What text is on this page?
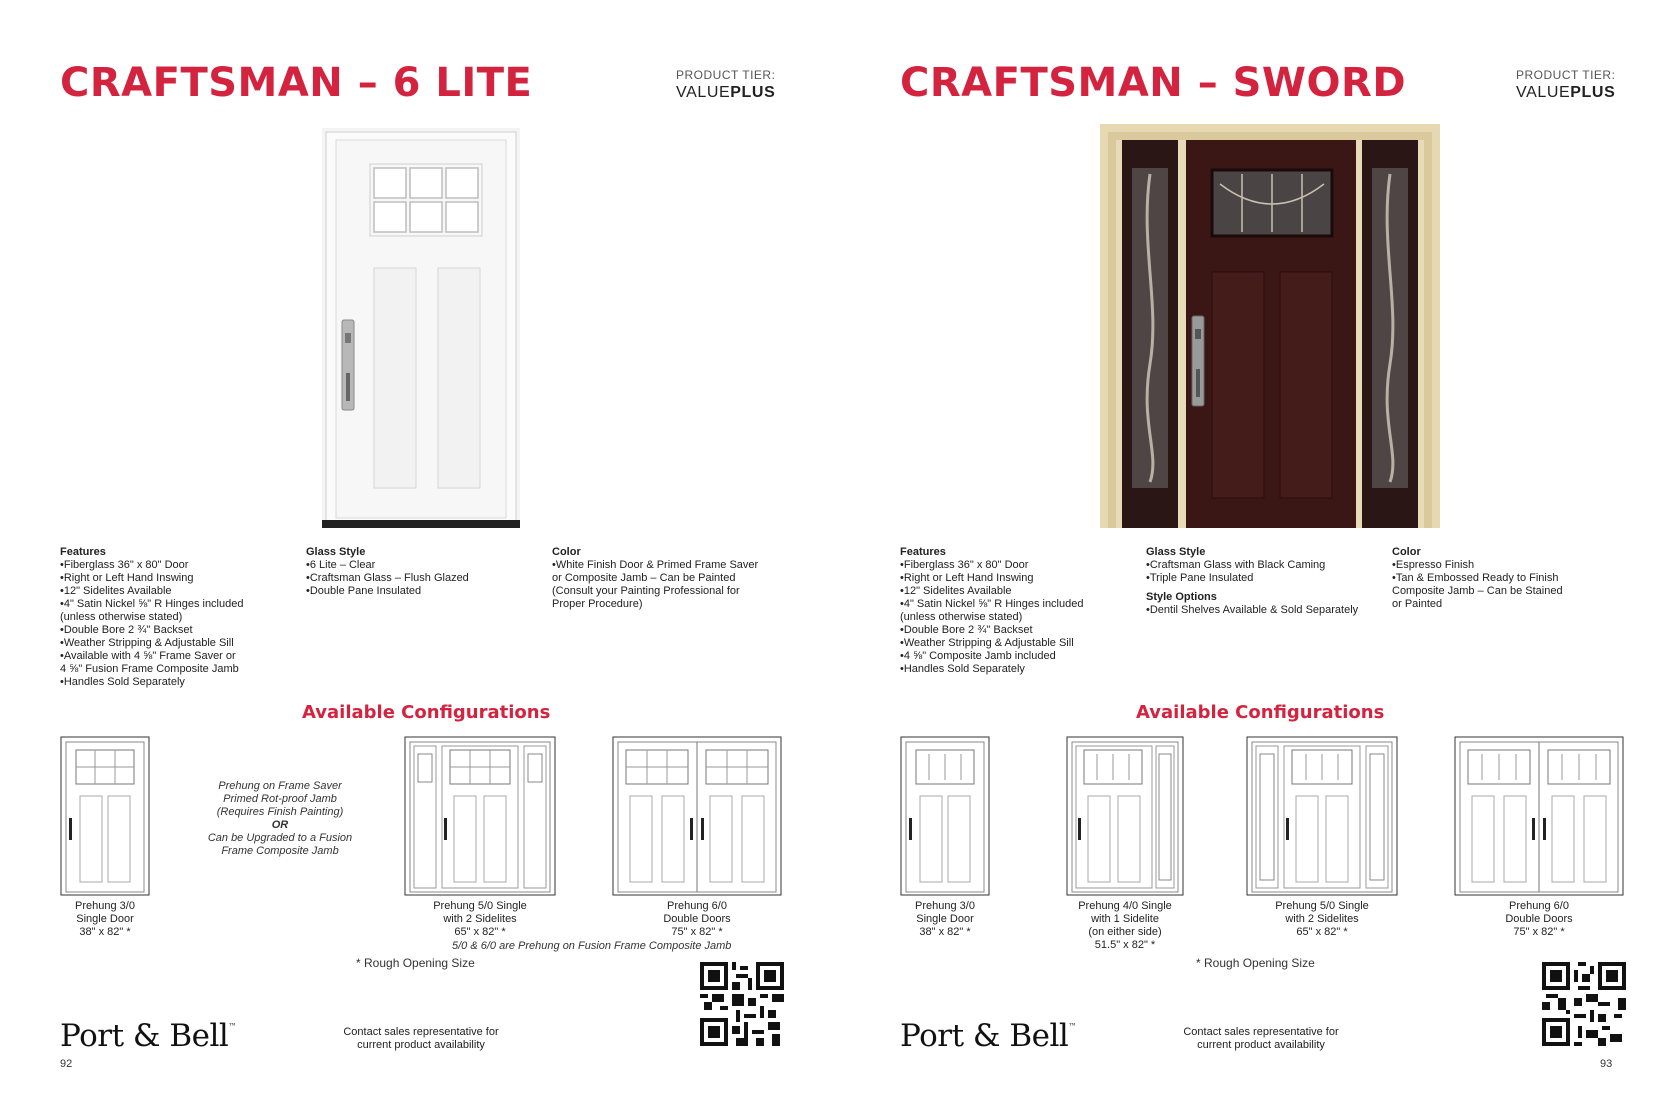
CRAFTSMAN – 6 LITE	PRODUCT TIER:
VALUEPLUS
Features
•Fiberglass 36" x 80" Door
•Right or Left Hand Inswing
•12" Sidelites Available
•4" Satin Nickel ⅝" R Hinges included
(unless otherwise stated)
•Double Bore 2 ¾" Backset
•Weather Stripping & Adjustable Sill
•Available with 4 ⅝" Frame Saver or
4 ⅝" Fusion Frame Composite Jamb
•Handles Sold Separately
Glass Style
•6 Lite – Clear
•Craftsman Glass – Flush Glazed
•Double Pane Insulated
Color
•White Finish Door & Primed Frame Saver
or Composite Jamb – Can be Painted
(Consult your Painting Professional for
Proper Procedure)
Available Configurations
Prehung 3/0
Single Door
38" x 82" *
Prehung on Frame Saver
Primed Rot-proof Jamb
(Requires Finish Painting)
OR
Can be Upgraded to a Fusion
Frame Composite Jamb
Prehung 5/0 Single
with 2 Sidelites
65" x 82" *
Prehung 6/0
Double Doors
75" x 82" *
5/0 & 6/0 are Prehung on Fusion Frame Composite Jamb
* Rough Opening Size
Port & Bell™	Contact sales representative for
current product availability
92
CRAFTSMAN – SWORD	PRODUCT TIER:
VALUEPLUS
Features
•Fiberglass 36" x 80" Door
•Right or Left Hand Inswing
•12" Sidelites Available
•4" Satin Nickel ⅝" R Hinges included
(unless otherwise stated)
•Double Bore 2 ¾" Backset
•Weather Stripping & Adjustable Sill
•4 ⅝" Composite Jamb included
•Handles Sold Separately
Glass Style
•Craftsman Glass with Black Caming
•Triple Pane Insulated
Style Options
•Dentil Shelves Available & Sold Separately
Color
•Espresso Finish
•Tan & Embossed Ready to Finish
Composite Jamb – Can be Stained
or Painted
Available Configurations
Prehung 3/0
Single Door
38" x 82" *
Prehung 4/0 Single
with 1 Sidelite
(on either side)
51.5" x 82" *
Prehung 5/0 Single
with 2 Sidelites
65" x 82" *
Prehung 6/0
Double Doors
75" x 82" *
* Rough Opening Size
Port & Bell™	Contact sales representative for
current product availability
93
